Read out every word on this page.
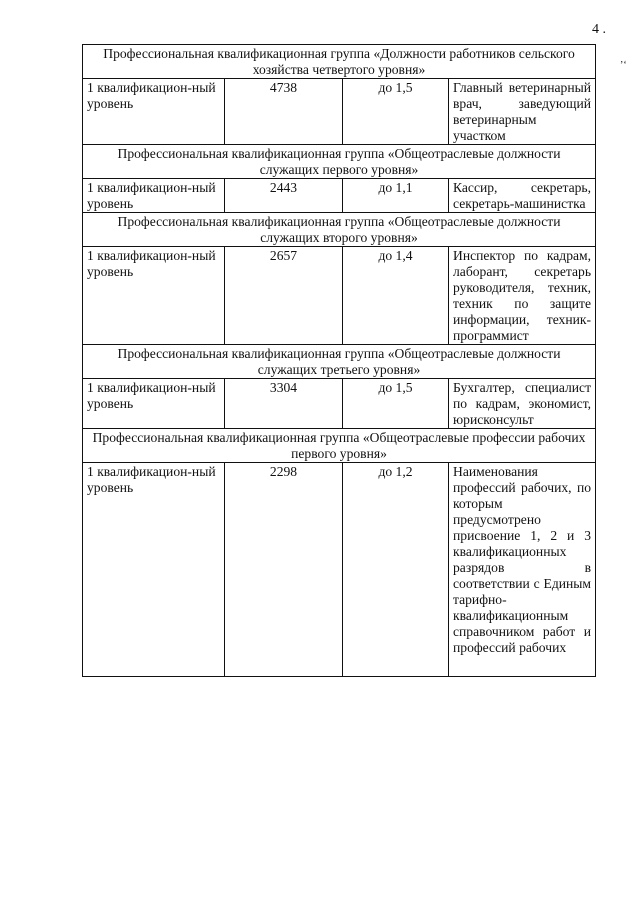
4 .
’‘
Профессиональная квалификационная группа «Должности работников сельского хозяйства четвертого уровня»			
1 квалификацион-ный уровень	4738	до 1,5	Главный ветеринарный врач, заведующий ветеринарным участком
Профессиональная квалификационная группа «Общеотраслевые должности служащих первого уровня»			
1 квалификацион-ный уровень	2443	до 1,1	Кассир, секретарь, секретарь-машинистка
Профессиональная квалификационная группа «Общеотраслевые должности служащих второго уровня»			
1 квалификацион-ный уровень	2657	до 1,4	Инспектор по кадрам, лаборант, секретарь руководителя, техник, техник по защите информации, техник-программист
Профессиональная квалификационная группа «Общеотраслевые должности служащих третьего уровня»			
1 квалификацион-ный уровень	3304	до 1,5	Бухгалтер, специалист по кадрам, экономист, юрисконсульт
Профессиональная квалификационная группа «Общеотраслевые профессии рабочих первого уровня»			
1 квалификацион-ный уровень	2298	до 1,2	Наименования профессий рабочих, по которым предусмотрено присвоение 1, 2 и 3 квалификационных разрядов в соответствии с Единым тарифно-квалификационным справочником работ и профессий рабочих
